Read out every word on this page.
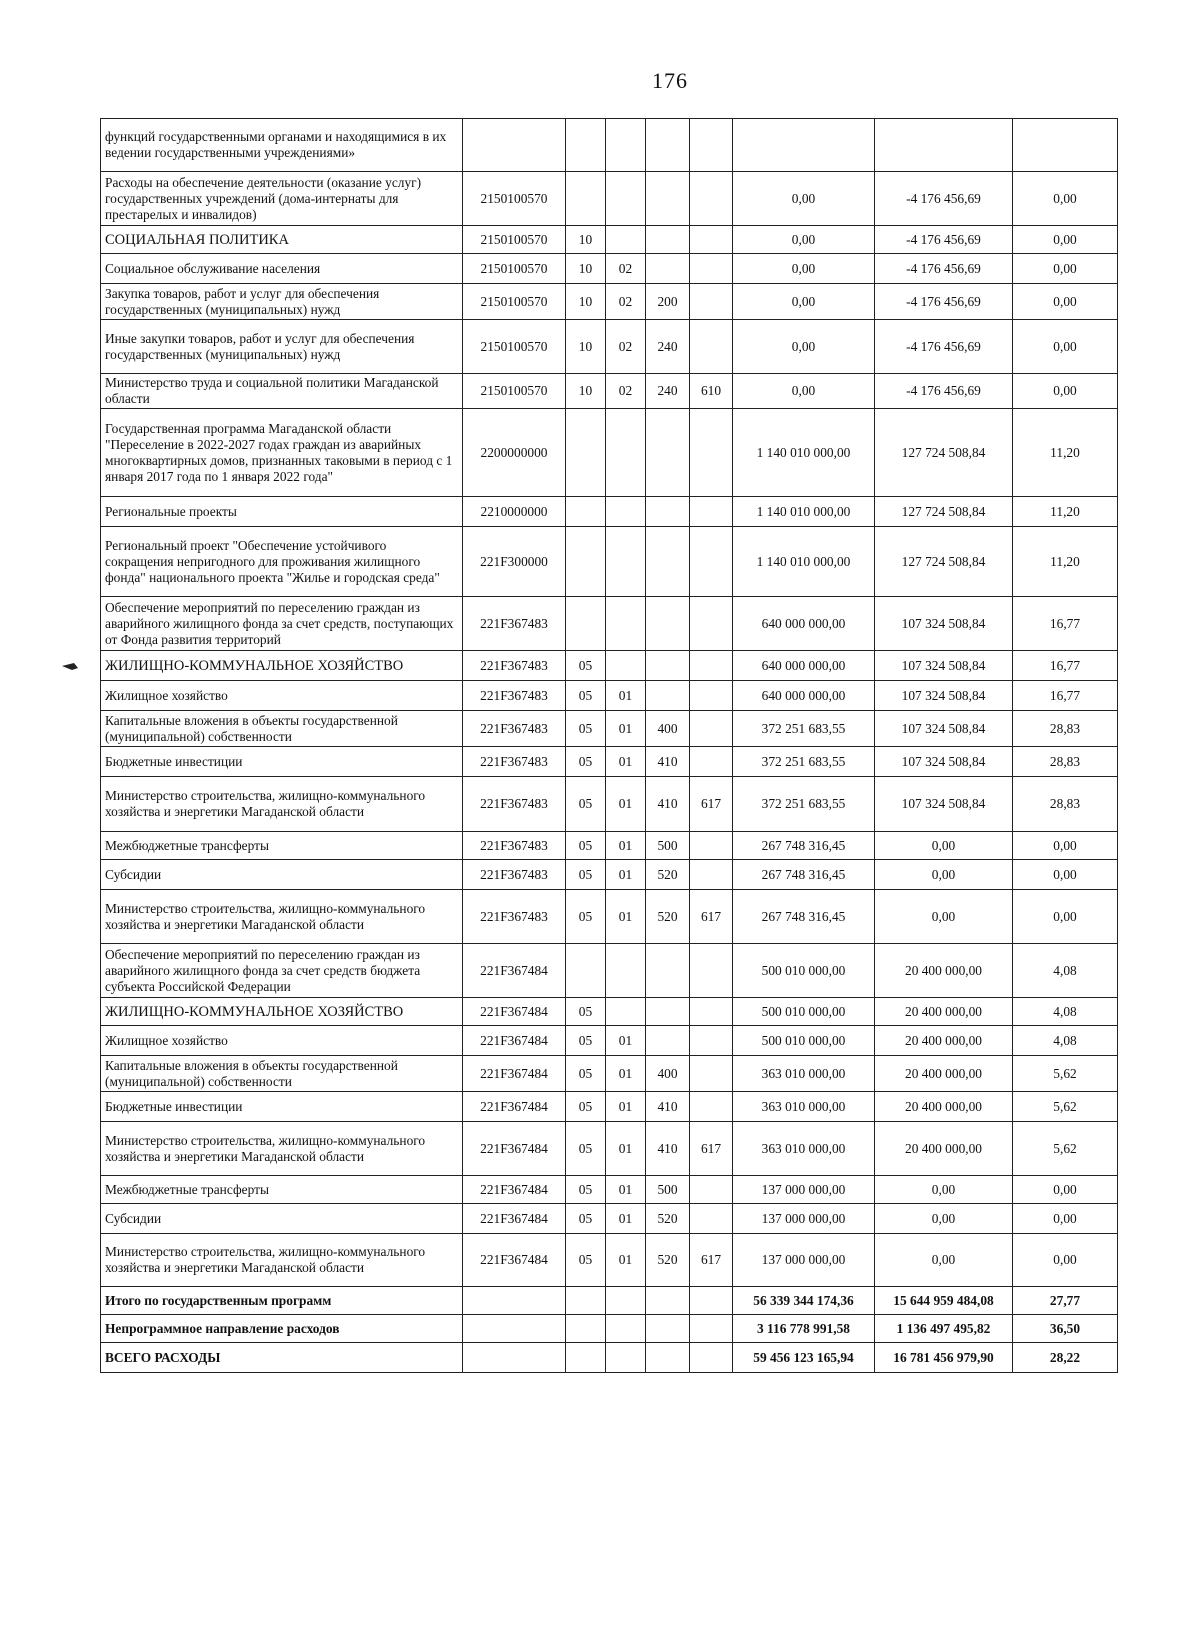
176
функций государственными органами и находящимися в их ведении государственными учреждениями»								
Расходы на обеспечение деятельности (оказание услуг) государственных учреждений (дома-интернаты для престарелых и инвалидов)	2150100570					0,00	-4 176 456,69	0,00
СОЦИАЛЬНАЯ ПОЛИТИКА	2150100570	10				0,00	-4 176 456,69	0,00
Социальное обслуживание населения	2150100570	10	02			0,00	-4 176 456,69	0,00
Закупка товаров, работ и услуг для обеспечения государственных (муниципальных) нужд	2150100570	10	02	200		0,00	-4 176 456,69	0,00
Иные закупки товаров, работ и услуг для обеспечения государственных (муниципальных) нужд	2150100570	10	02	240		0,00	-4 176 456,69	0,00
Министерство труда и социальной политики Магаданской области	2150100570	10	02	240	610	0,00	-4 176 456,69	0,00
Государственная программа Магаданской области "Переселение в 2022-2027 годах граждан из аварийных многоквартирных домов, признанных таковыми в период с 1 января 2017 года по 1 января 2022 года"	2200000000					1 140 010 000,00	127 724 508,84	11,20
Региональные проекты	2210000000					1 140 010 000,00	127 724 508,84	11,20
Региональный проект "Обеспечение устойчивого сокращения непригодного для проживания жилищного фонда" национального проекта "Жилье и городская среда"	221F300000					1 140 010 000,00	127 724 508,84	11,20
Обеспечение мероприятий по переселению граждан из аварийного жилищного фонда за счет средств, поступающих от Фонда развития территорий	221F367483					640 000 000,00	107 324 508,84	16,77
ЖИЛИЩНО-КОММУНАЛЬНОЕ ХОЗЯЙСТВО	221F367483	05				640 000 000,00	107 324 508,84	16,77
Жилищное хозяйство	221F367483	05	01			640 000 000,00	107 324 508,84	16,77
Капитальные вложения в объекты государственной (муниципальной) собственности	221F367483	05	01	400		372 251 683,55	107 324 508,84	28,83
Бюджетные инвестиции	221F367483	05	01	410		372 251 683,55	107 324 508,84	28,83
Министерство строительства, жилищно-коммунального хозяйства и энергетики Магаданской области	221F367483	05	01	410	617	372 251 683,55	107 324 508,84	28,83
Межбюджетные трансферты	221F367483	05	01	500		267 748 316,45	0,00	0,00
Субсидии	221F367483	05	01	520		267 748 316,45	0,00	0,00
Министерство строительства, жилищно-коммунального хозяйства и энергетики Магаданской области	221F367483	05	01	520	617	267 748 316,45	0,00	0,00
Обеспечение мероприятий по переселению граждан из аварийного жилищного фонда за счет средств бюджета субъекта Российской Федерации	221F367484					500 010 000,00	20 400 000,00	4,08
ЖИЛИЩНО-КОММУНАЛЬНОЕ ХОЗЯЙСТВО	221F367484	05				500 010 000,00	20 400 000,00	4,08
Жилищное хозяйство	221F367484	05	01			500 010 000,00	20 400 000,00	4,08
Капитальные вложения в объекты государственной (муниципальной) собственности	221F367484	05	01	400		363 010 000,00	20 400 000,00	5,62
Бюджетные инвестиции	221F367484	05	01	410		363 010 000,00	20 400 000,00	5,62
Министерство строительства, жилищно-коммунального хозяйства и энергетики Магаданской области	221F367484	05	01	410	617	363 010 000,00	20 400 000,00	5,62
Межбюджетные трансферты	221F367484	05	01	500		137 000 000,00	0,00	0,00
Субсидии	221F367484	05	01	520		137 000 000,00	0,00	0,00
Министерство строительства, жилищно-коммунального хозяйства и энергетики Магаданской области	221F367484	05	01	520	617	137 000 000,00	0,00	0,00
Итого по государственным программ						56 339 344 174,36	15 644 959 484,08	27,77
Непрограммное направление расходов						3 116 778 991,58	1 136 497 495,82	36,50
ВСЕГО РАСХОДЫ						59 456 123 165,94	16 781 456 979,90	28,22
